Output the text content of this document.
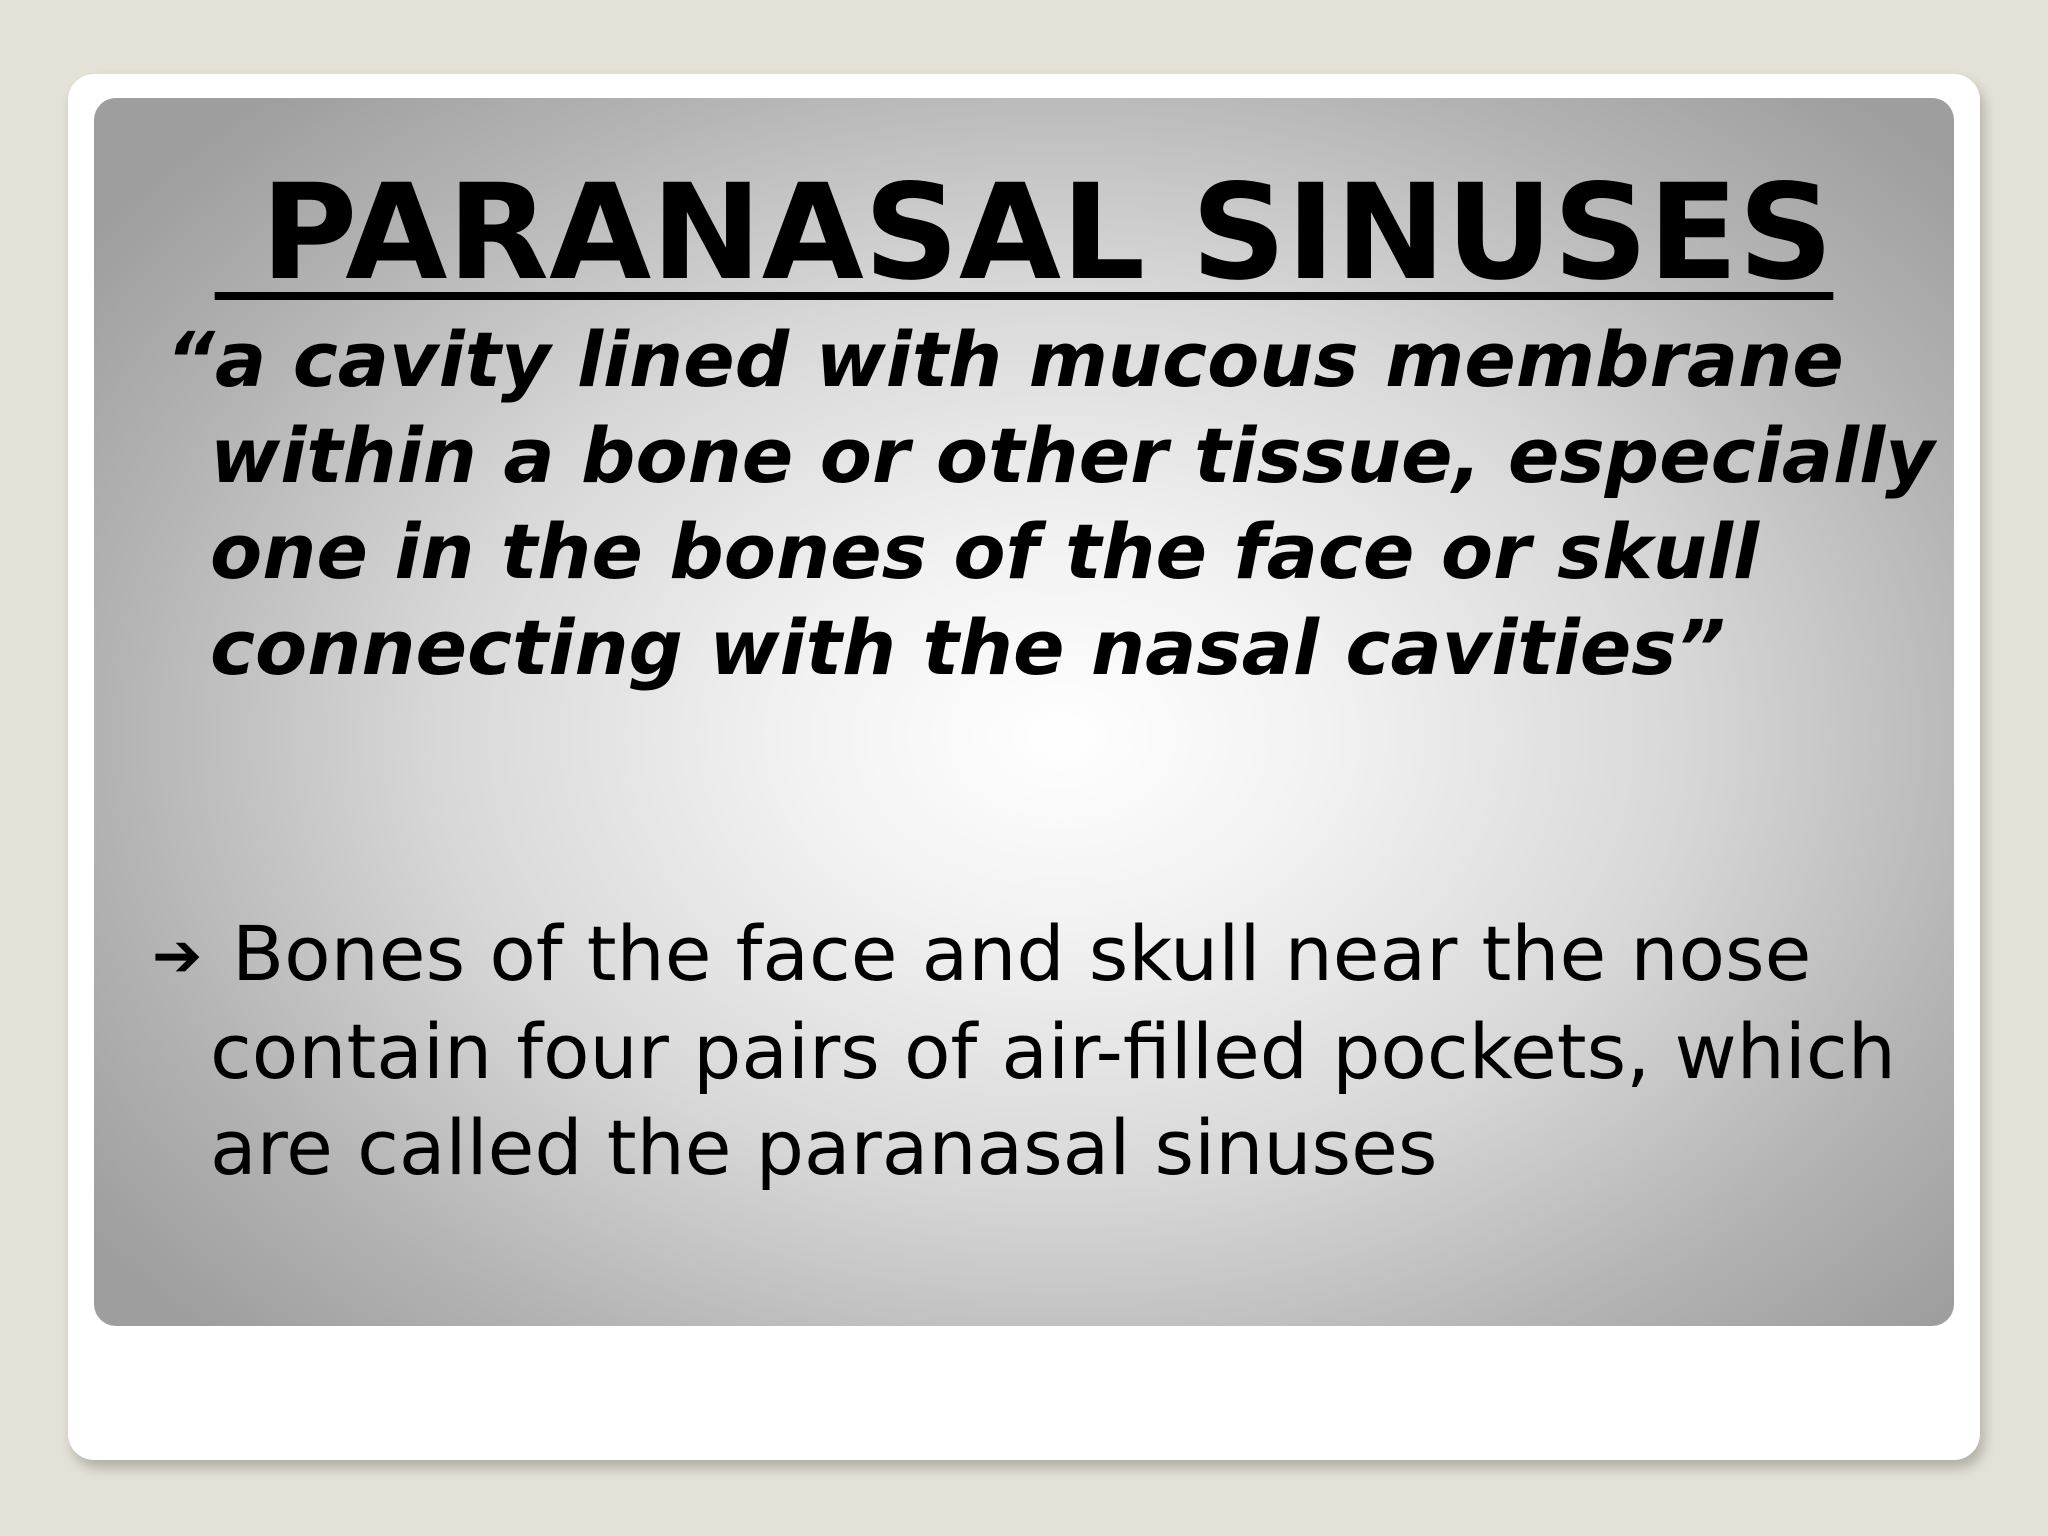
PARANASAL SINUSES

“a cavity lined with mucous membrane within a bone or other tissue, especially one in the bones of the face or skull connecting with the nasal cavities”

➔ Bones of the face and skull near the nose contain four pairs of air-filled pockets, which are called the paranasal sinuses
